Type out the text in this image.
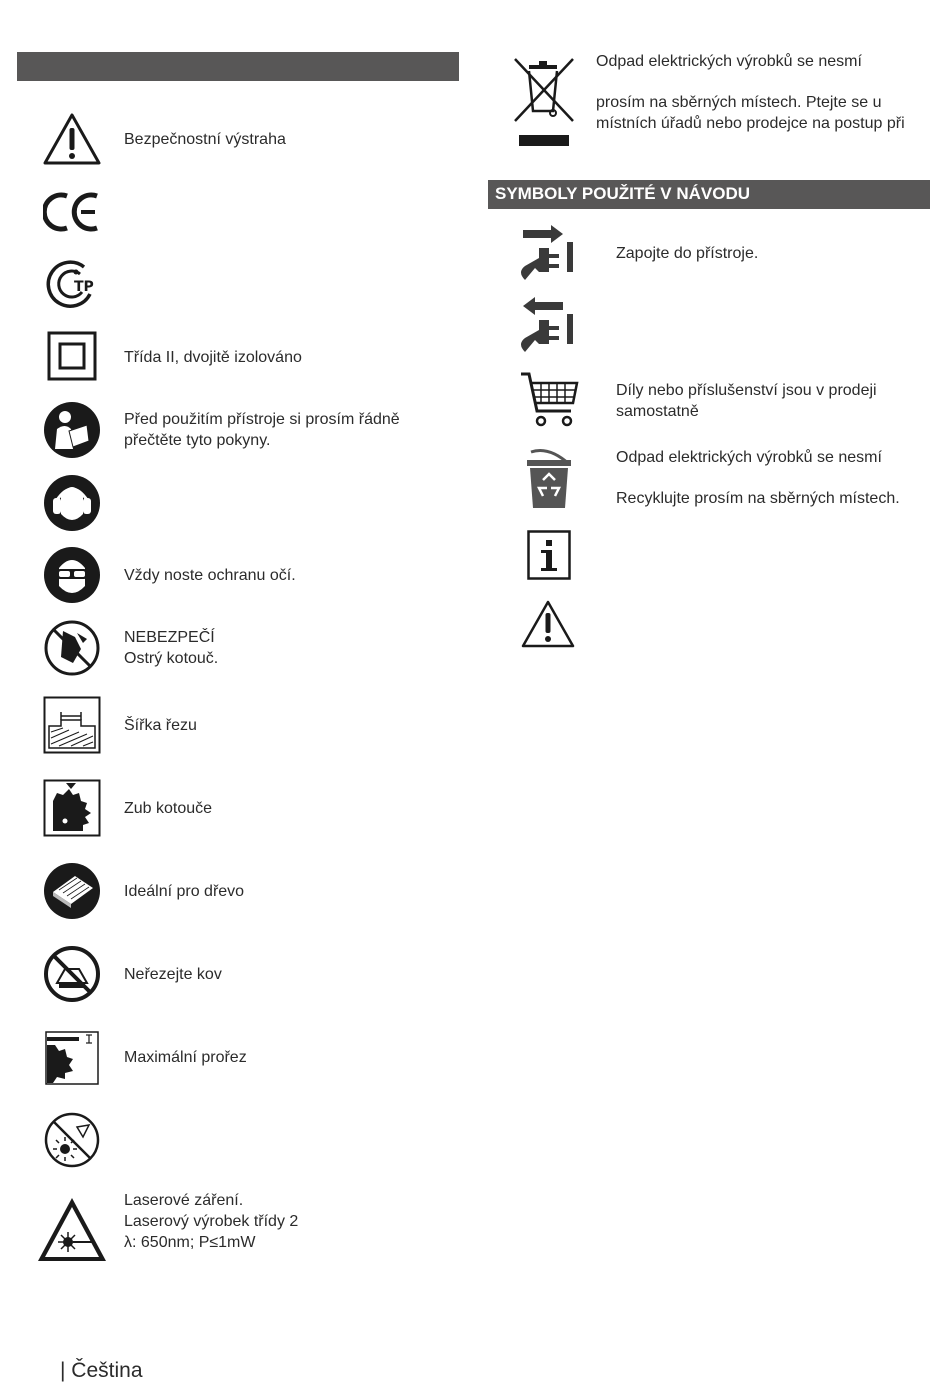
Bezpečnostní výstraha
TP
Třída II, dvojitě izolováno
Před použitím přístroje si prosím řádně
přečtěte tyto pokyny.
Vždy noste ochranu očí.
NEBEZPEČÍ
Ostrý kotouč.
Šířka řezu
Zub kotouče
Ideální pro dřevo
Neřezejte kov
Maximální prořez
Laserové záření.
Laserový výrobek třídy 2
λ: 650nm; P≤1mW
Odpad elektrických výrobků se nesmí
prosím na sběrných místech. Ptejte se u
místních úřadů nebo prodejce na postup při
SYMBOLY POUŽITÉ V NÁVODU
Zapojte do přístroje.
Díly nebo příslušenství jsou v prodeji
samostatně
Odpad elektrických výrobků se nesmí
Recyklujte prosím na sběrných místech.
| Čeština
